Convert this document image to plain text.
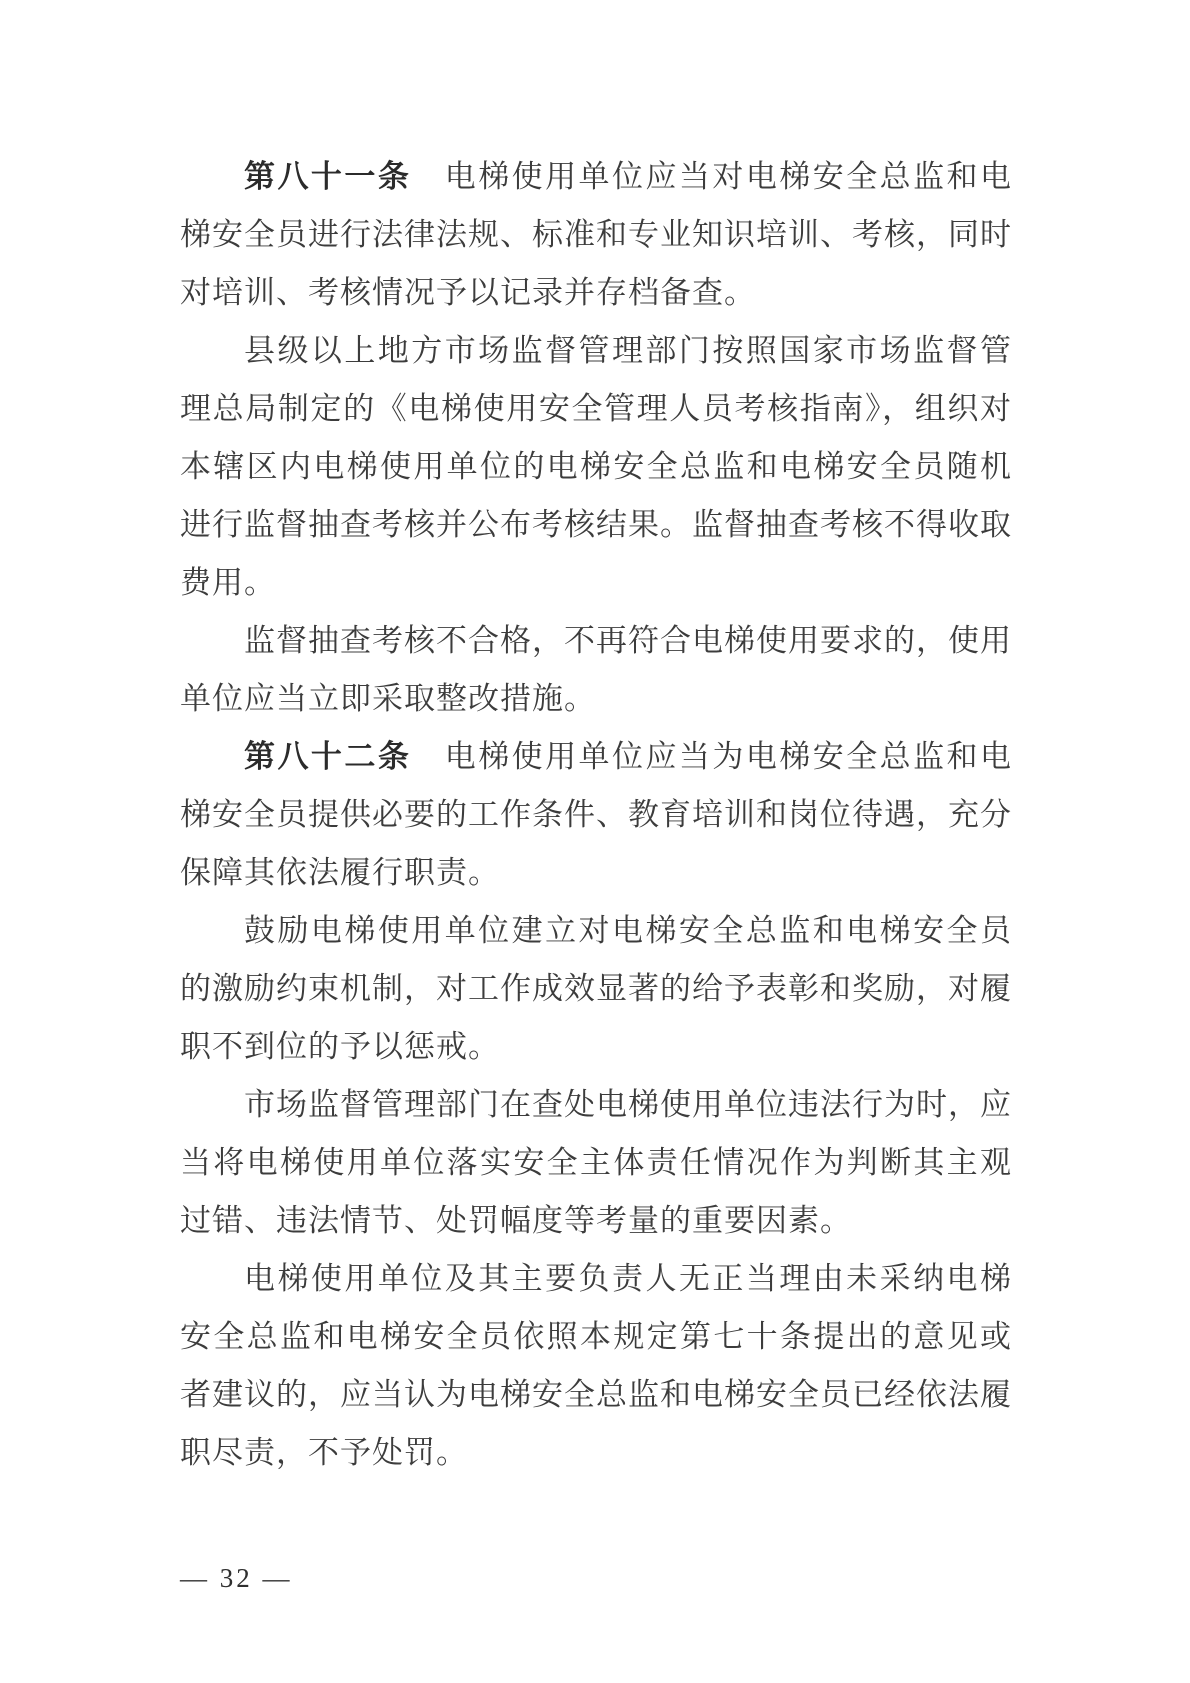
第八十一条　电梯使用单位应当对电梯安全总监和电
梯安全员进行法律法规、标准和专业知识培训、考核，同时
对培训、考核情况予以记录并存档备查。
县级以上地方市场监督管理部门按照国家市场监督管
理总局制定的《电梯使用安全管理人员考核指南》，组织对
本辖区内电梯使用单位的电梯安全总监和电梯安全员随机
进行监督抽查考核并公布考核结果。监督抽查考核不得收取
费用。
监督抽查考核不合格，不再符合电梯使用要求的，使用
单位应当立即采取整改措施。
第八十二条　电梯使用单位应当为电梯安全总监和电
梯安全员提供必要的工作条件、教育培训和岗位待遇，充分
保障其依法履行职责。
鼓励电梯使用单位建立对电梯安全总监和电梯安全员
的激励约束机制，对工作成效显著的给予表彰和奖励，对履
职不到位的予以惩戒。
市场监督管理部门在查处电梯使用单位违法行为时，应
当将电梯使用单位落实安全主体责任情况作为判断其主观
过错、违法情节、处罚幅度等考量的重要因素。
电梯使用单位及其主要负责人无正当理由未采纳电梯
安全总监和电梯安全员依照本规定第七十条提出的意见或
者建议的，应当认为电梯安全总监和电梯安全员已经依法履
职尽责，不予处罚。
— 32 —
